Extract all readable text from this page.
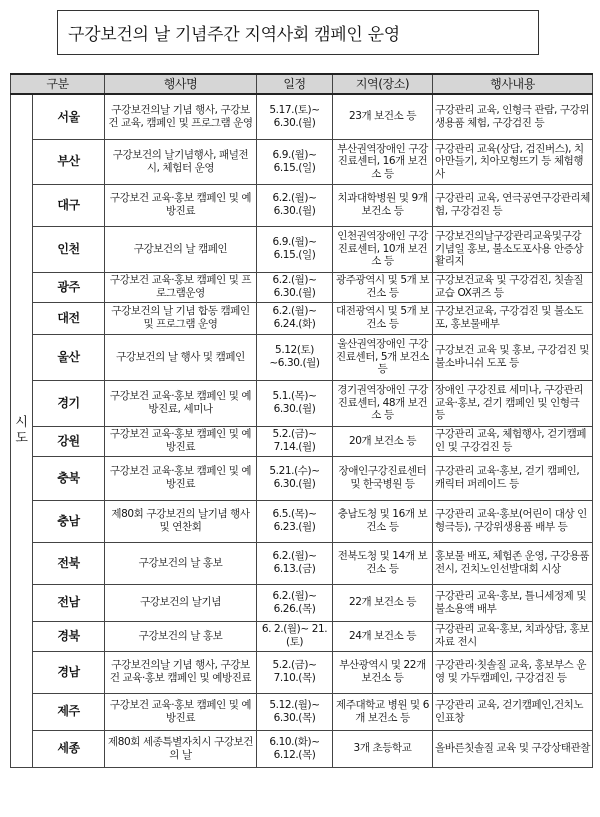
구강보건의 날 기념주간 지역사회 캠페인 운영
구분		행사명	일정	지역(장소)	행사내용

시
도	서울	구강보건의날 기념 행사, 구강보건 교육, 캠페인 및 프로그램 운영	5.17.(토)~ 6.30.(월)	23개 보건소 등	구강관리 교육, 인형극 관람, 구강위생용품 체험, 구강검진 등
	부산	구강보건의 날기념행사, 패널전시, 체험터 운영	6.9.(월)~ 6.15.(일)	부산권역장애인 구강진료센터, 16개 보건소 등	구강관리 교육(상담, 검진버스), 치아만들기, 치아모형뜨기 등 체험행사
	대구	구강보건 교육·홍보 캠페인 및 예방진료	6.2.(월)~ 6.30.(월)	치과대학병원 및 9개 보건소 등	구강관리 교육, 연극공연구강관리체험, 구강검진 등
	인천	구강보건의 날 캠페인	6.9.(월)~ 6.15.(일)	인천권역장애인 구강진료센터, 10개 보건소 등	구강보건의날구강관리교육및구강기념일 홍보, 불소도포사용 안증상활리지
	광주	구강보건 교육·홍보 캠페인 및 프로그램운영	6.2.(월)~ 6.30.(월)	광주광역시 및 5개 보건소 등	구강보건교육 및 구강검진, 칫솔질교습 OX퀴즈 등
	대전	구강보건의 날 기념 합동 캠페인 및 프로그램 운영	6.2.(월)~ 6.24.(화)	대전광역시 및 5개 보건소 등	구강보건교육, 구강검진 및 불소도포, 홍보물배부
	울산	구강보건의 날 행사 및 캠페인	5.12(토) ~6.30.(월)	울산권역장애인 구강진료센터, 5개 보건소 등	구강보건 교육 및 홍보, 구강검진 및 불소바니쉬 도포 등
	경기	구강보건 교육·홍보 캠페인 및 예방진료, 세미나	5.1.(목)~ 6.30.(월)	경기권역장애인 구강진료센터, 48개 보건소 등	장애인 구강진료 세미나, 구강관리 교육·홍보, 걷기 캠페인 및 인형극 등
	강원	구강보건 교육·홍보 캠페인 및 예방진료	5.2.(금)~ 7.14.(월)	20개 보건소 등	구강관리 교육, 체험행사, 걷기캠페인 및 구강검진 등
	충북	구강보건 교육·홍보 캠페인 및 예방진료	5.21.(수)~ 6.30.(월)	장애인구강진료센터 및 한국병원 등	구강관리 교육·홍보, 걷기 캠페인, 캐릭터 퍼레이드 등
	충남	제80회 구강보건의 날기념 행사및 연찬회	6.5.(목)~ 6.23.(월)	충남도청 및 16개 보건소 등	구강관리 교육·홍보(어린이 대상 인형극등), 구강위생용품 배부 등
	전북	구강보건의 날 홍보	6.2.(월)~ 6.13.(금)	전북도청 및 14개 보건소 등	홍보물 배포, 체험존 운영, 구강용품 전시, 건치노인선발대회 시상
	전남	구강보건의 날기념	6.2.(월)~ 6.26.(목)	22개 보건소 등	구강관리 교육·홍보, 틀니세정제 및 불소용액 배부
	경북	구강보건의 날 홍보	6. 2.(월)~ 21.(토)	24개 보건소 등	구강관리 교육·홍보, 치과상담, 홍보자료 전시
	경남	구강보건의날 기념 행사, 구강보건 교육·홍보 캠페인 및 예방진료	5.2.(금)~ 7.10.(목)	부산광역시 및 22개 보건소 등	구강관리·칫솔질 교육, 홍보부스 운영 및 가두캠페인, 구강검진 등
	제주	구강보건 교육·홍보 캠페인 및 예방진료	5.12.(월)~ 6.30.(목)	제주대학교 병원 및 6개 보건소 등	구강관리 교육, 걷기캠페인,건치노인표창
	세종	제80회 세종특별자치시 구강보건의 날	6.10.(화)~ 6.12.(목)	3개 초등학교	올바른칫솔질 교육 및 구강상태관찰
